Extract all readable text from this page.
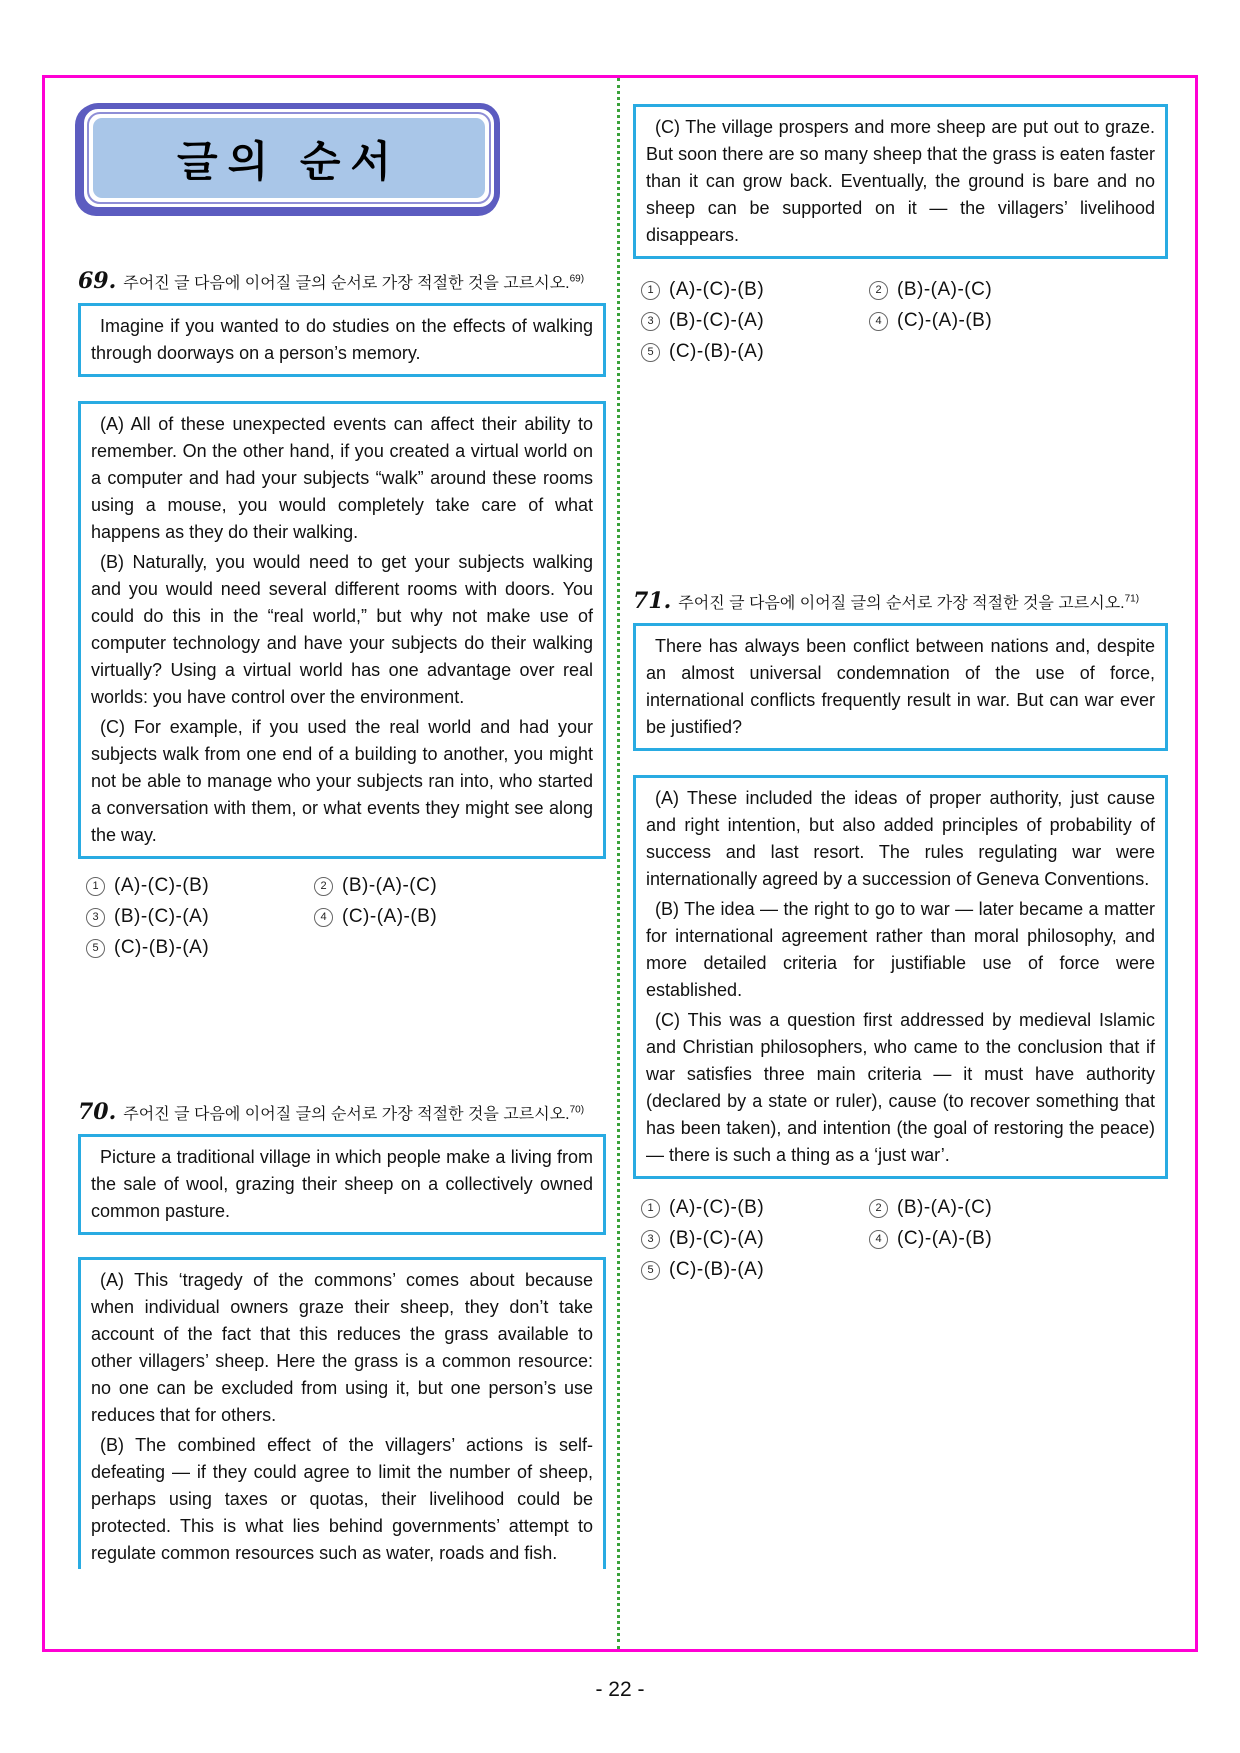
글의 순서
69. 주어진 글 다음에 이어질 글의 순서로 가장 적절한 것을 고르시오.$^{69)}$

Imagine if you wanted to do studies on the effects of walking through doorways on a person’s memory.

(A) All of these unexpected events can affect their ability to remember. On the other hand, if you created a virtual world on a computer and had your subjects “walk” around these rooms using a mouse, you would completely take care of what happens as they do their walking.

(B) Naturally, you would need to get your subjects walking and you would need several different rooms with doors. You could do this in the “real world,” but why not make use of computer technology and have your subjects do their walking virtually? Using a virtual world has one advantage over real worlds: you have control over the environment.

(C) For example, if you used the real world and had your subjects walk from one end of a building to another, you might not be able to manage who your subjects ran into, who started a conversation with them, or what events they might see along the way.

1 (A)-(C)-(B)	2 (B)-(A)-(C)
3 (B)-(C)-(A)	4 (C)-(A)-(B)
5 (C)-(B)-(A)
70. 주어진 글 다음에 이어질 글의 순서로 가장 적절한 것을 고르시오.$^{70)}$

Picture a traditional village in which people make a living from the sale of wool, grazing their sheep on a collectively owned common pasture.

(A) This ‘tragedy of the commons’ comes about because when individual owners graze their sheep, they don’t take account of the fact that this reduces the grass available to other villagers’ sheep. Here the grass is a common resource: no one can be excluded from using it, but one person’s use reduces that for others.

(B) The combined effect of the villagers’ actions is self-defeating — if they could agree to limit the number of sheep, perhaps using taxes or quotas, their livelihood could be protected. This is what lies behind governments’ attempt to regulate common resources such as water, roads and fish.

(C) The village prospers and more sheep are put out to graze. But soon there are so many sheep that the grass is eaten faster than it can grow back. Eventually, the ground is bare and no sheep can be supported on it — the villagers’ livelihood disappears.

1 (A)-(C)-(B)	2 (B)-(A)-(C)
3 (B)-(C)-(A)	4 (C)-(A)-(B)
5 (C)-(B)-(A)
71. 주어진 글 다음에 이어질 글의 순서로 가장 적절한 것을 고르시오.$^{71)}$

There has always been conflict between nations and, despite an almost universal condemnation of the use of force, international conflicts frequently result in war. But can war ever be justified?

(A) These included the ideas of proper authority, just cause and right intention, but also added principles of probability of success and last resort. The rules regulating war were internationally agreed by a succession of Geneva Conventions.

(B) The idea — the right to go to war — later became a matter for international agreement rather than moral philosophy, and more detailed criteria for justifiable use of force were established.

(C) This was a question first addressed by medieval Islamic and Christian philosophers, who came to the conclusion that if war satisfies three main criteria — it must have authority (declared by a state or ruler), cause (to recover something that has been taken), and intention (the goal of restoring the peace) — there is such a thing as a ‘just war’.

1 (A)-(C)-(B)	2 (B)-(A)-(C)
3 (B)-(C)-(A)	4 (C)-(A)-(B)
5 (C)-(B)-(A)
- 22 -
